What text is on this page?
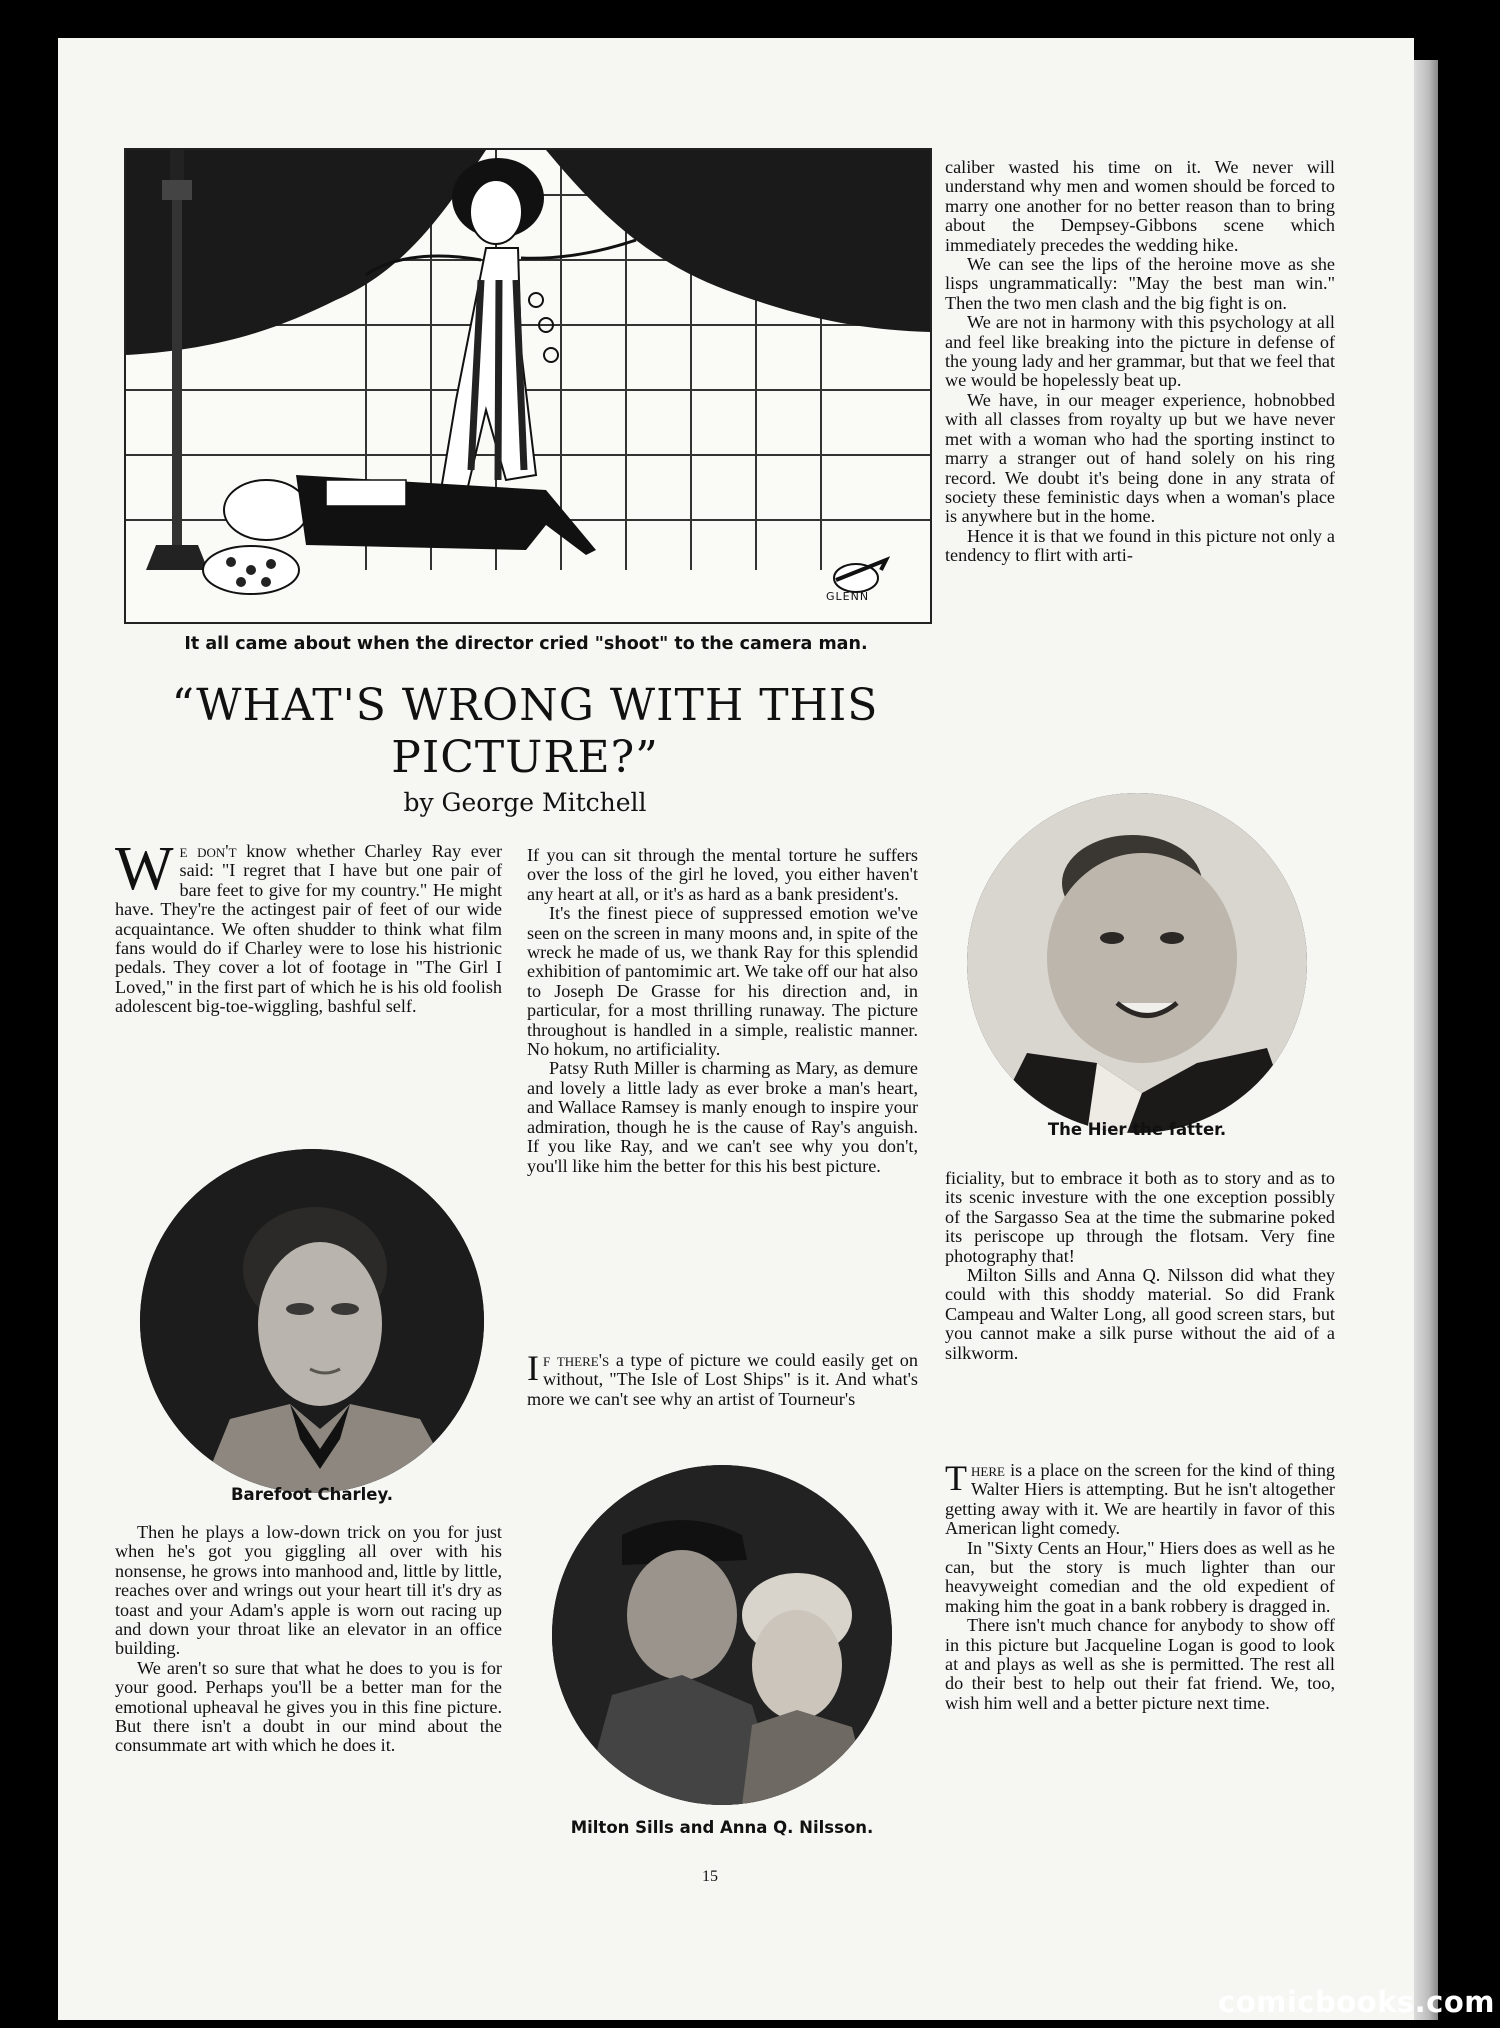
GLENN
It all came about when the director cried "shoot" to the camera man.
“WHAT'S WRONG WITH THIS PICTURE?”
by George Mitchell

W e don't know whether Charley Ray ever said: "I regret that I have but one pair of bare feet to give for my country." He might have. They're the actingest pair of feet of our wide acquaintance. We often shudder to think what film fans would do if Charley were to lose his histrionic pedals. They cover a lot of footage in "The Girl I Loved," in the first part of which he is his old foolish adolescent big-toe-wiggling, bashful self.

Barefoot Charley.

Then he plays a low-down trick on you for just when he's got you giggling all over with his nonsense, he grows into manhood and, little by little, reaches over and wrings out your heart till it's dry as toast and your Adam's apple is worn out racing up and down your throat like an elevator in an office building.

We aren't so sure that what he does to you is for your good. Perhaps you'll be a better man for the emotional upheaval he gives you in this fine picture. But there isn't a doubt in our mind about the consummate art with which he does it.

If you can sit through the mental torture he suffers over the loss of the girl he loved, you either haven't any heart at all, or it's as hard as a bank president's.

It's the finest piece of suppressed emotion we've seen on the screen in many moons and, in spite of the wreck he made of us, we thank Ray for this splendid exhibition of pantomimic art. We take off our hat also to Joseph De Grasse for his direction and, in particular, for a most thrilling runaway. The picture throughout is handled in a simple, realistic manner. No hokum, no artificiality.

Patsy Ruth Miller is charming as Mary, as demure and lovely a little lady as ever broke a man's heart, and Wallace Ramsey is manly enough to inspire your admiration, though he is the cause of Ray's anguish. If you like Ray, and we can't see why you don't, you'll like him the better for this his best picture.

I f there's a type of picture we could easily get on without, "The Isle of Lost Ships" is it. And what's more we can't see why an artist of Tourneur's

Milton Sills and Anna Q. Nilsson.

caliber wasted his time on it. We never will understand why men and women should be forced to marry one another for no better reason than to bring about the Dempsey-Gibbons scene which immediately precedes the wedding hike.

We can see the lips of the heroine move as she lisps ungrammatically: "May the best man win." Then the two men clash and the big fight is on.

We are not in harmony with this psychology at all and feel like breaking into the picture in defense of the young lady and her grammar, but that we feel that we would be hopelessly beat up.

We have, in our meager experience, hobnobbed with all classes from royalty up but we have never met with a woman who had the sporting instinct to marry a stranger out of hand solely on his ring record. We doubt it's being done in any strata of society these feministic days when a woman's place is anywhere but in the home.

Hence it is that we found in this picture not only a tendency to flirt with arti-

The Hier the fatter.

ficiality, but to embrace it both as to story and as to its scenic investure with the one exception possibly of the Sargasso Sea at the time the submarine poked its periscope up through the flotsam. Very fine photography that!

Milton Sills and Anna Q. Nilsson did what they could with this shoddy material. So did Frank Campeau and Walter Long, all good screen stars, but you cannot make a silk purse without the aid of a silkworm.

T here is a place on the screen for the kind of thing Walter Hiers is attempting. But he isn't altogether getting away with it. We are heartily in favor of this American light comedy.

In "Sixty Cents an Hour," Hiers does as well as he can, but the story is much lighter than our heavyweight comedian and the old expedient of making him the goat in a bank robbery is dragged in.

There isn't much chance for anybody to show off in this picture but Jacqueline Logan is good to look at and plays as well as she is permitted. The rest all do their best to help out their fat friend. We, too, wish him well and a better picture next time.

15
comicbooks.com
